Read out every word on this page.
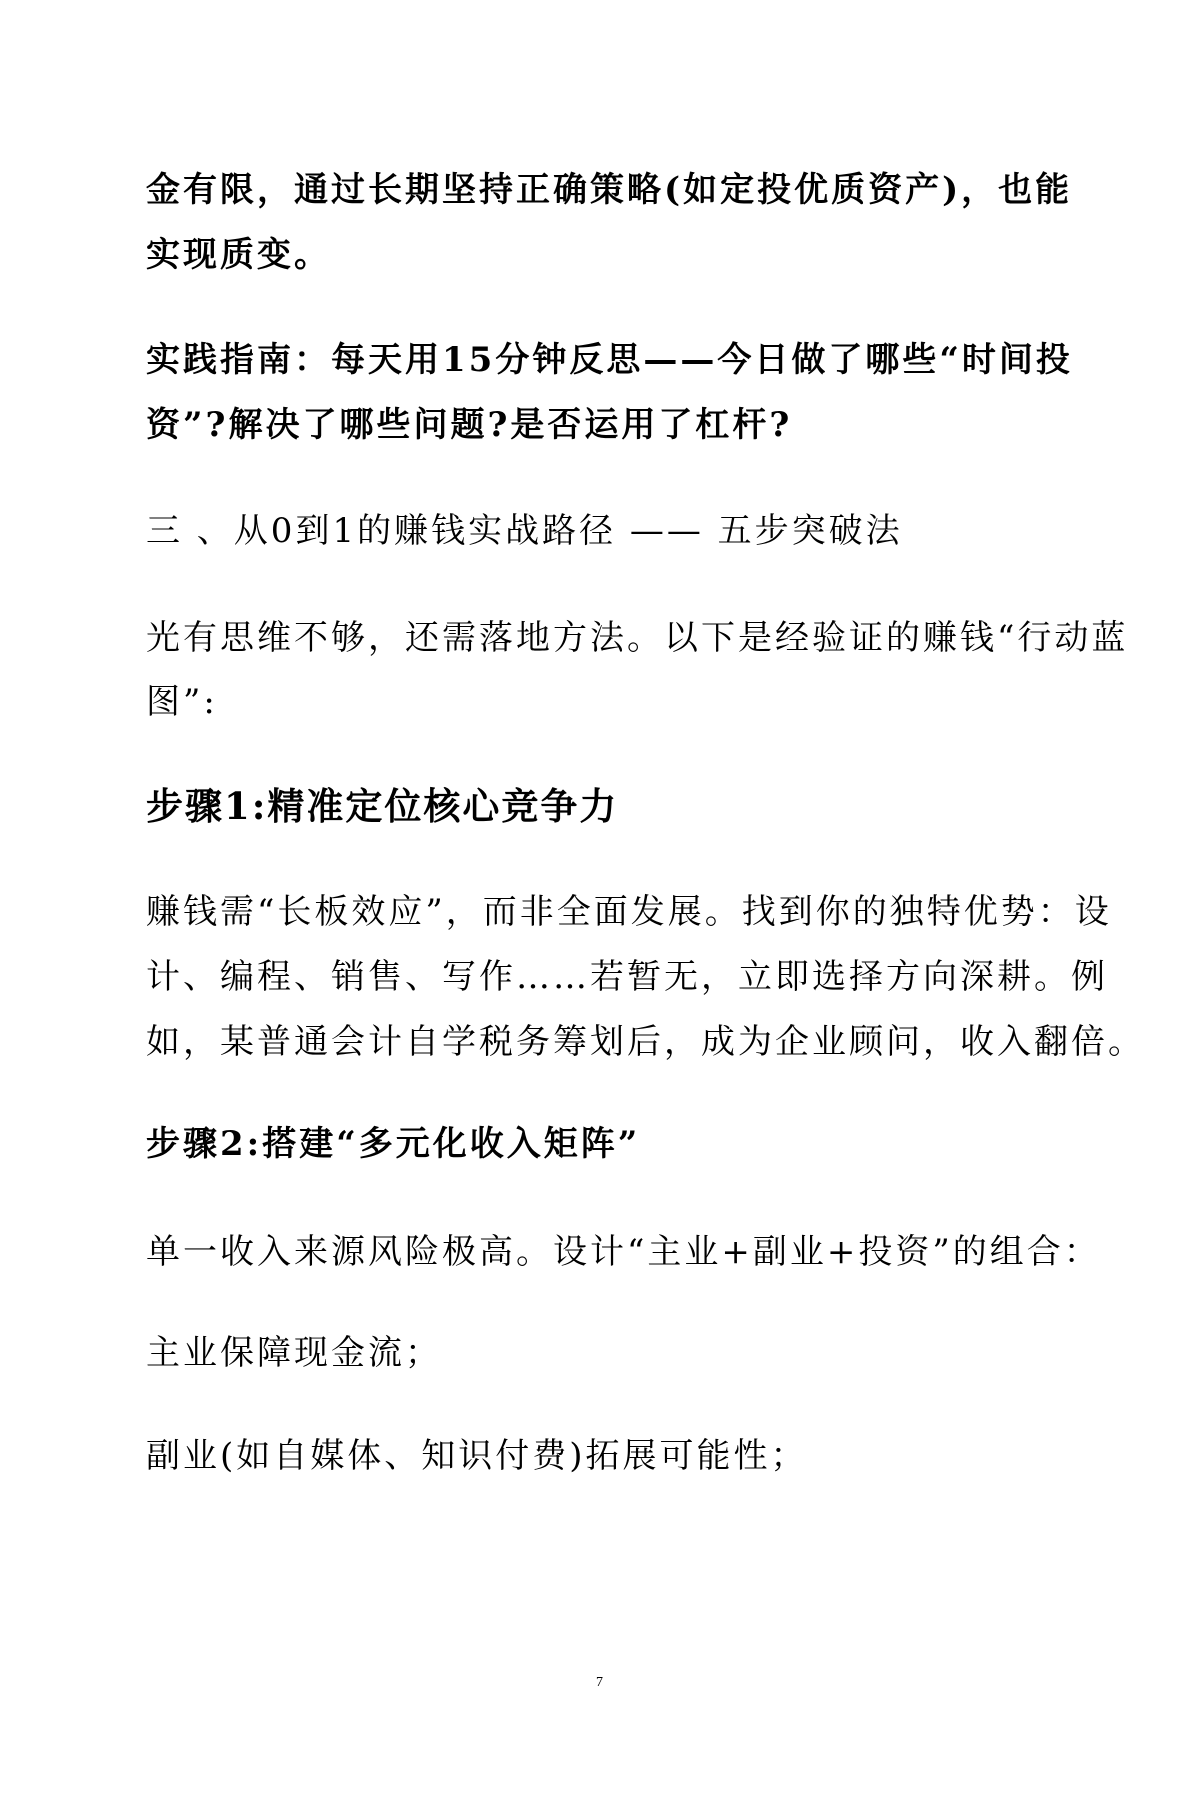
金有限，通过长期坚持正确策略(如定投优质资产)，也能
实现质变。
实践指南：每天用15分钟反思——今日做了哪些“时间投
资”?解决了哪些问题?是否运用了杠杆?
三 、从0到1的赚钱实战路径 —— 五步突破法
光有思维不够，还需落地方法。以下是经验证的赚钱“行动蓝
图”:
步骤1:精准定位核心竞争力
赚钱需“长板效应”，而非全面发展。找到你的独特优势：设
计、编程、销售、写作……若暂无，立即选择方向深耕。例
如，某普通会计自学税务筹划后，成为企业顾问，收入翻倍。
步骤2:搭建“多元化收入矩阵”
单一收入来源风险极高。设计“主业+副业+投资”的组合：
主业保障现金流；
副业(如自媒体、知识付费)拓展可能性；
7
